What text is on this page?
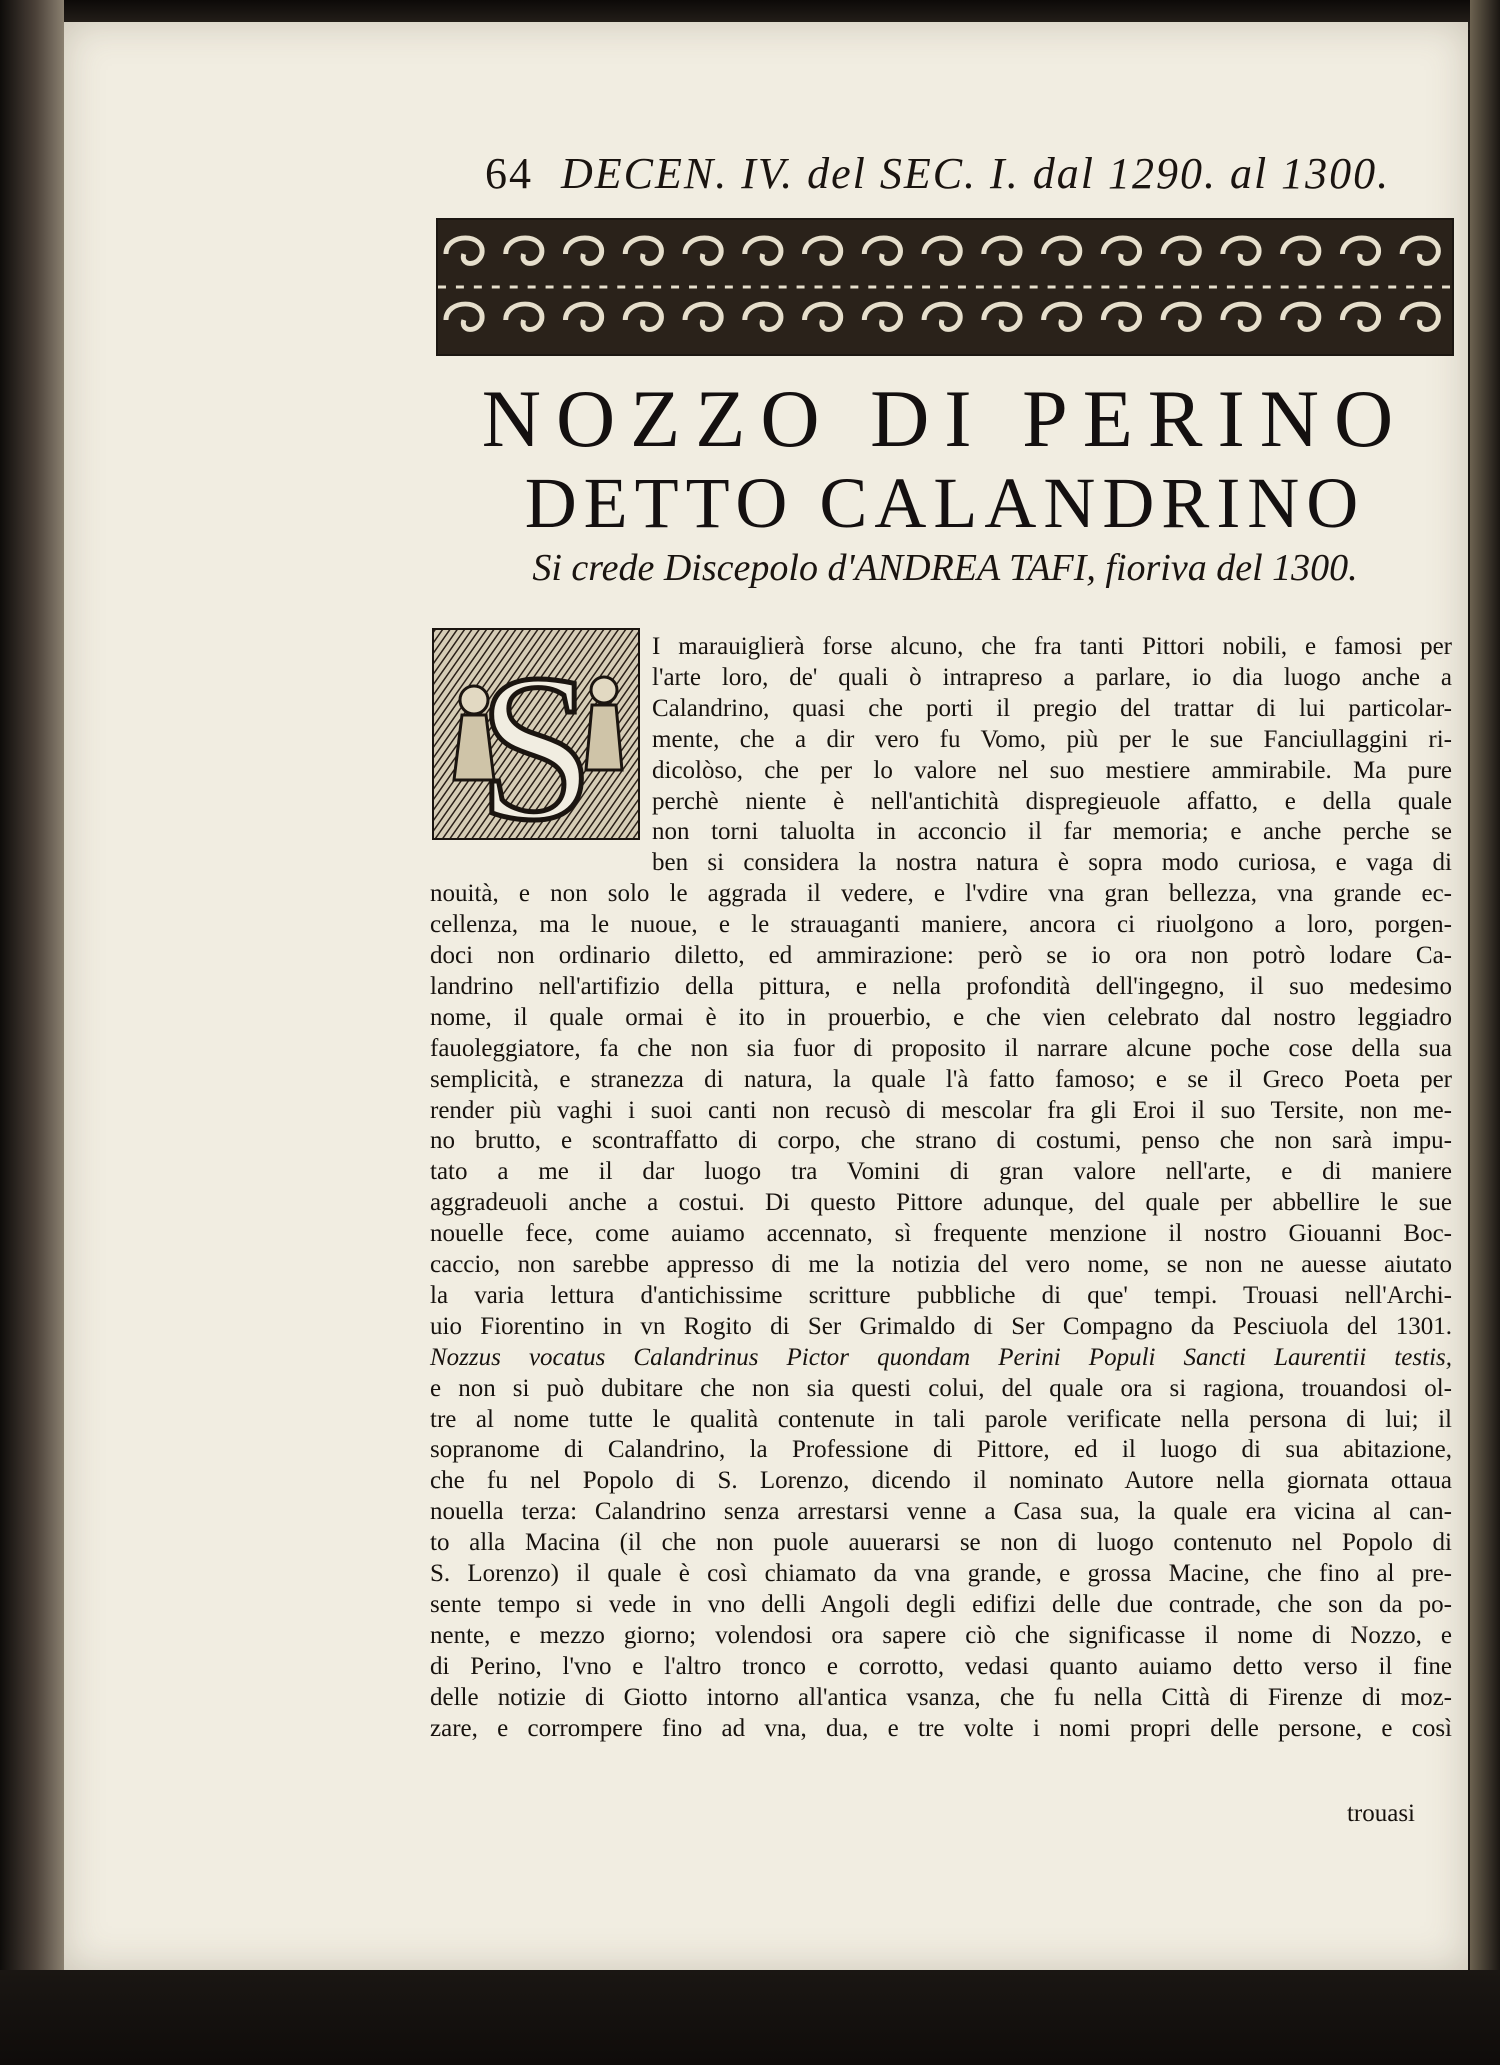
64 DECEN. IV. del SEC. I. dal 1290. al 1300.
NOZZO DI PERINO
DETTO CALANDRINO
Si crede Discepolo d'ANDREA TAFI, fioriva del 1300.
S I marauiglierà forse alcuno, che fra tanti Pittori nobili, e famosi per
l'arte loro, de' quali ò intrapreso a parlare, io dia luogo anche a
Calandrino, quasi che porti il pregio del trattar di lui particolar-
mente, che a dir vero fu Vomo, più per le sue Fanciullaggini ri-
dicolòso, che per lo valore nel suo mestiere ammirabile. Ma pure
perchè niente è nell'antichità dispregieuole affatto, e della quale
non torni taluolta in acconcio il far memoria; e anche perche se
ben si considera la nostra natura è sopra modo curiosa, e vaga di
nouità, e non solo le aggrada il vedere, e l'vdire vna gran bellezza, vna grande ec-
cellenza, ma le nuoue, e le strauaganti maniere, ancora ci riuolgono a loro, porgen-
doci non ordinario diletto, ed ammirazione: però se io ora non potrò lodare Ca-
landrino nell'artifizio della pittura, e nella profondità dell'ingegno, il suo medesimo
nome, il quale ormai è ito in prouerbio, e che vien celebrato dal nostro leggiadro
fauoleggiatore, fa che non sia fuor di proposito il narrare alcune poche cose della sua
semplicità, e stranezza di natura, la quale l'à fatto famoso; e se il Greco Poeta per
render più vaghi i suoi canti non recusò di mescolar fra gli Eroi il suo Tersite, non me-
no brutto, e scontraffatto di corpo, che strano di costumi, penso che non sarà impu-
tato a me il dar luogo tra Vomini di gran valore nell'arte, e di maniere
aggradeuoli anche a costui. Di questo Pittore adunque, del quale per abbellire le sue
nouelle fece, come auiamo accennato, sì frequente menzione il nostro Giouanni Boc-
caccio, non sarebbe appresso di me la notizia del vero nome, se non ne auesse aiutato
la varia lettura d'antichissime scritture pubbliche di que' tempi. Trouasi nell'Archi-
uio Fiorentino in vn Rogito di Ser Grimaldo di Ser Compagno da Pesciuola del 1301.
Nozzus vocatus Calandrinus Pictor quondam Perini Populi Sancti Laurentii testis,
e non si può dubitare che non sia questi colui, del quale ora si ragiona, trouandosi ol-
tre al nome tutte le qualità contenute in tali parole verificate nella persona di lui; il
sopranome di Calandrino, la Professione di Pittore, ed il luogo di sua abitazione,
che fu nel Popolo di S. Lorenzo, dicendo il nominato Autore nella giornata ottaua
nouella terza: Calandrino senza arrestarsi venne a Casa sua, la quale era vicina al can-
to alla Macina (il che non puole auuerarsi se non di luogo contenuto nel Popolo di
S. Lorenzo) il quale è così chiamato da vna grande, e grossa Macine, che fino al pre-
sente tempo si vede in vno delli Angoli degli edifizi delle due contrade, che son da po-
nente, e mezzo giorno; volendosi ora sapere ciò che significasse il nome di Nozzo, e
di Perino, l'vno e l'altro tronco e corrotto, vedasi quanto auiamo detto verso il fine
delle notizie di Giotto intorno all'antica vsanza, che fu nella Città di Firenze di moz-
zare, e corrompere fino ad vna, dua, e tre volte i nomi propri delle persone, e così
trouasi
